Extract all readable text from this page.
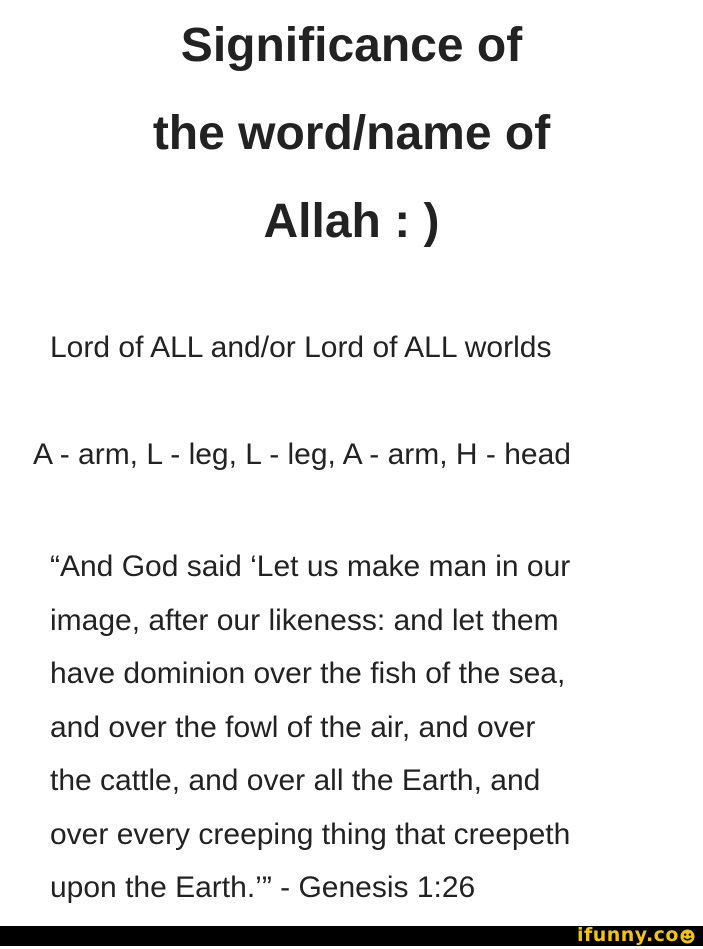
Significance of
the word/name of
Allah : )

Lord of ALL and/or Lord of ALL worlds

A - arm, L - leg, L - leg, A - arm, H - head

“And God said ‘Let us make man in our
image, after our likeness: and let them
have dominion over the fish of the sea,
and over the fowl of the air, and over
the cattle, and over all the Earth, and
over every creeping thing that creepeth
upon the Earth.’” - Genesis 1:26

ifunny.co
